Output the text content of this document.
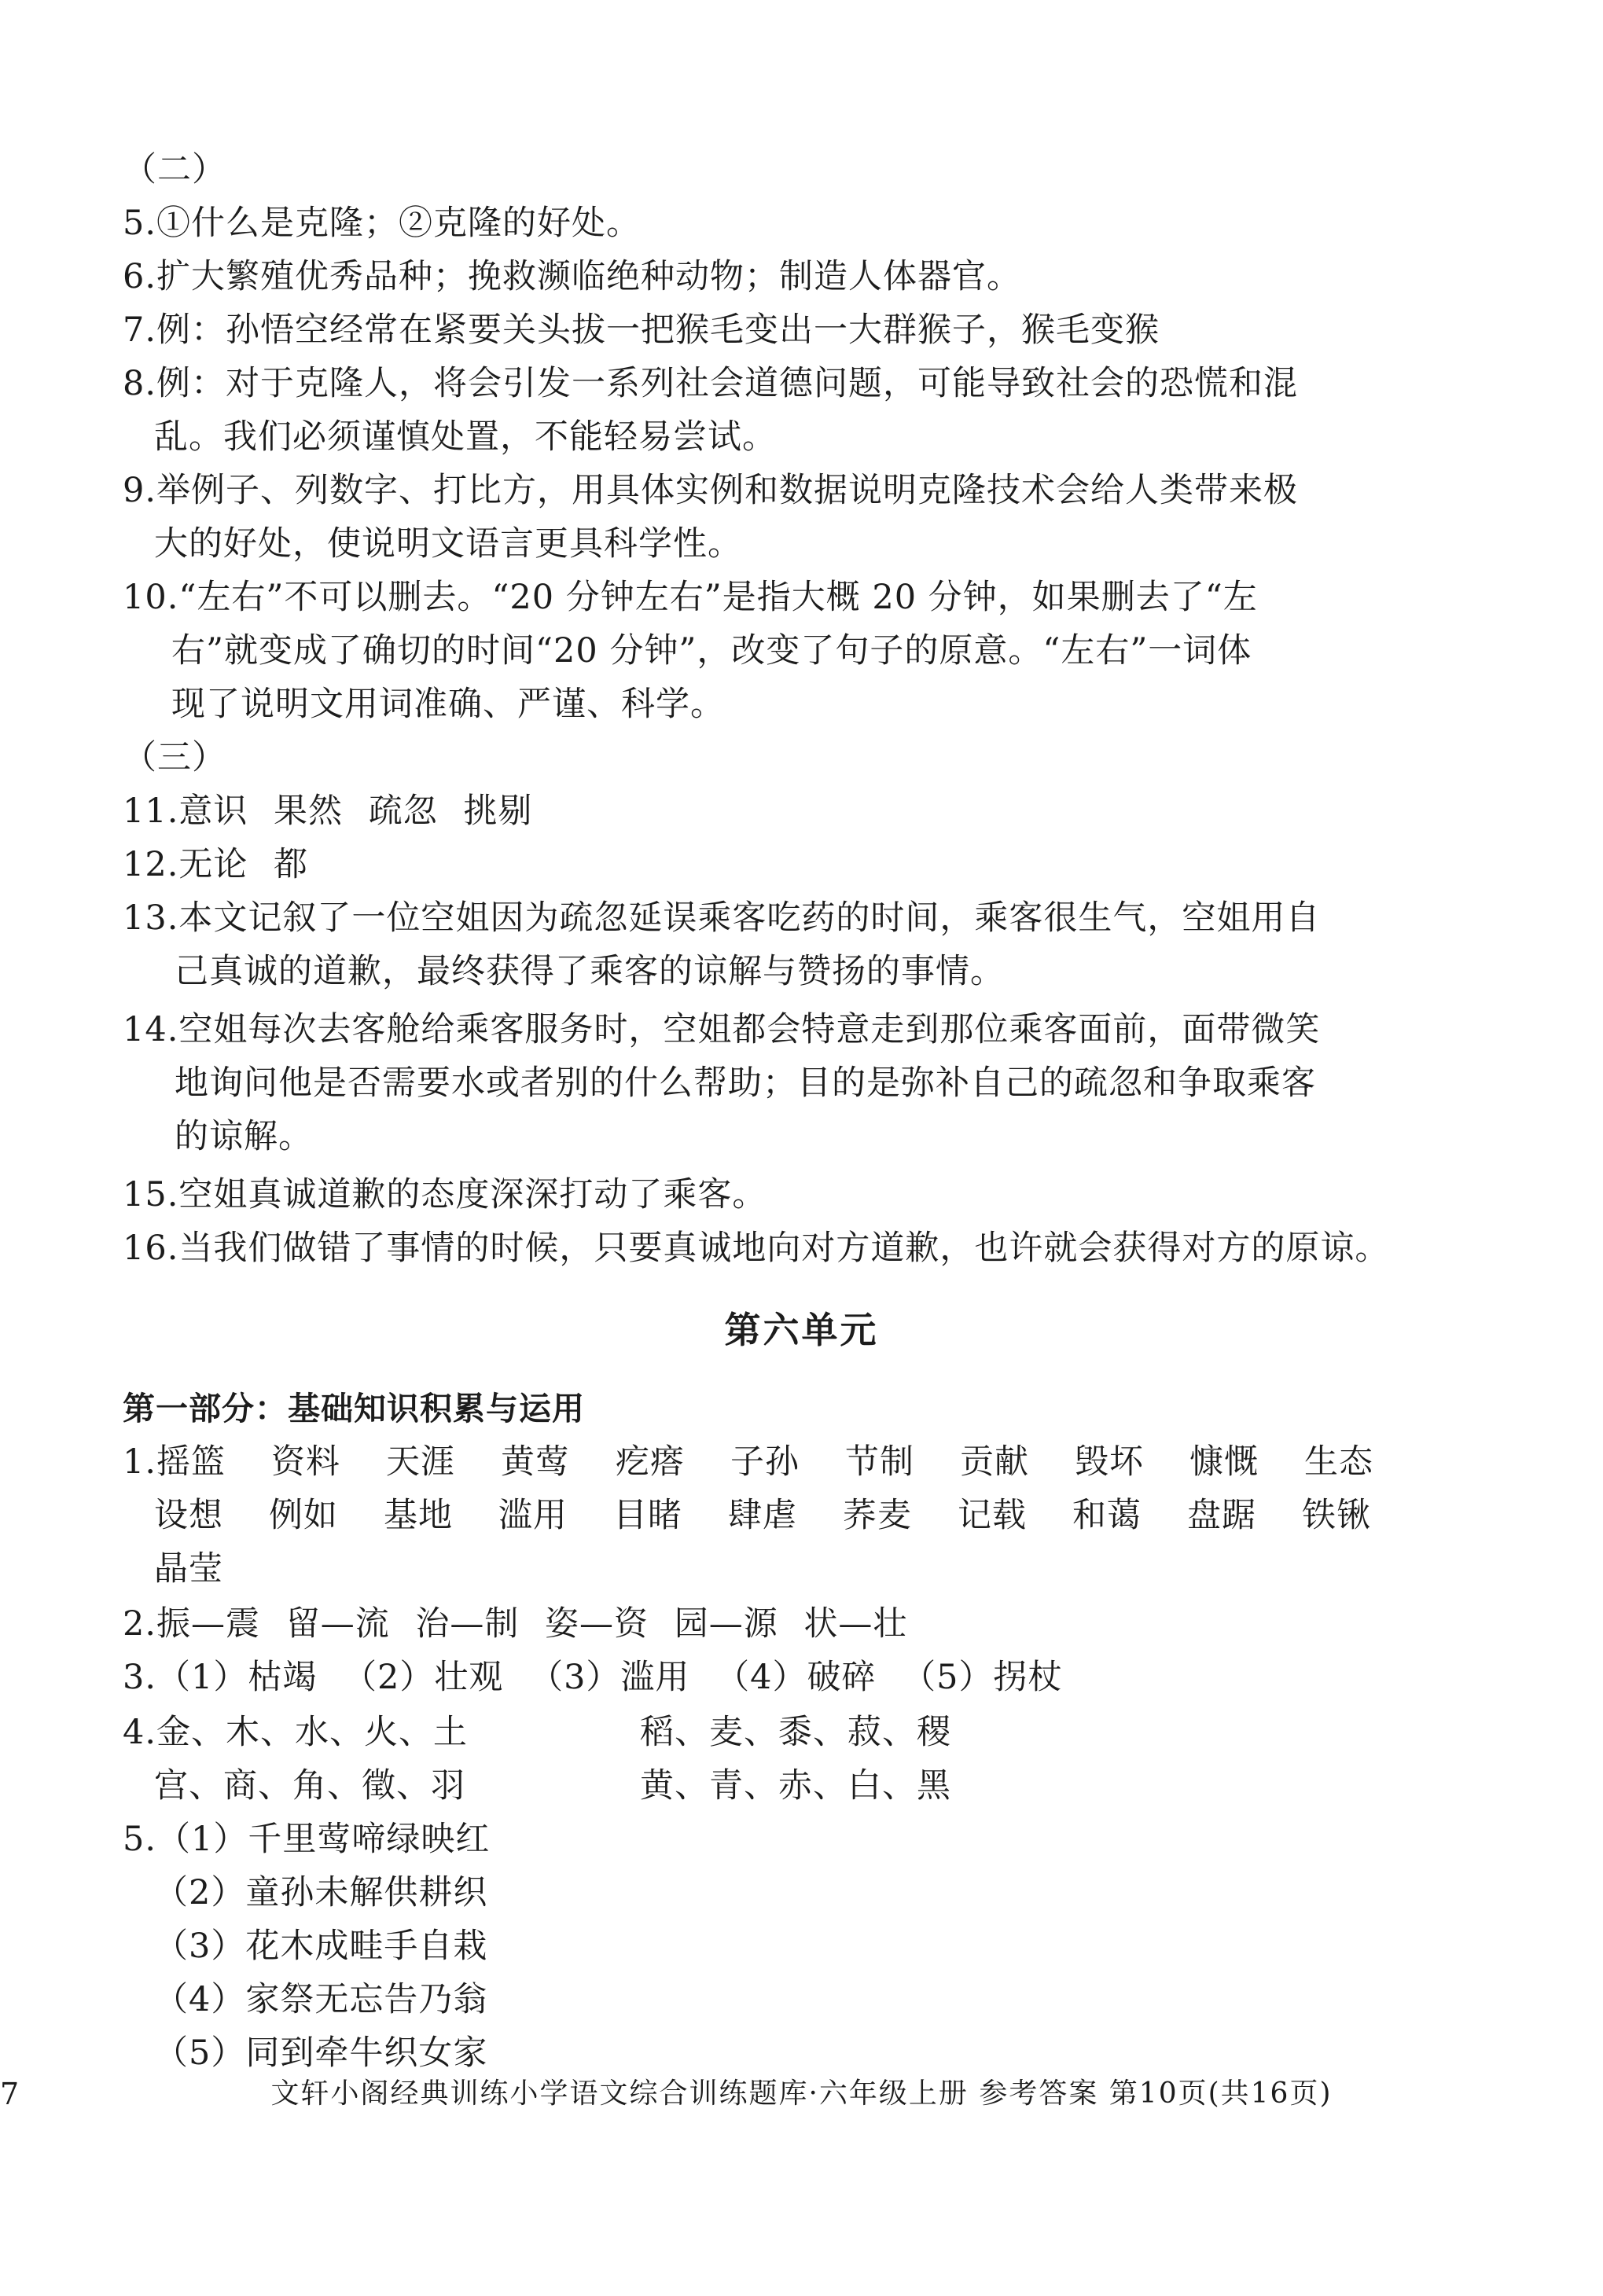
（二）
5.①什么是克隆；②克隆的好处。
6.扩大繁殖优秀品种；挽救濒临绝种动物；制造人体器官。
7.例：孙悟空经常在紧要关头拔一把猴毛变出一大群猴子，猴毛变猴
8.例：对于克隆人，将会引发一系列社会道德问题，可能导致社会的恐慌和混
乱。我们必须谨慎处置，不能轻易尝试。
9.举例子、列数字、打比方，用具体实例和数据说明克隆技术会给人类带来极
大的好处，使说明文语言更具科学性。
10.“左右”不可以删去。“20 分钟左右”是指大概 20 分钟，如果删去了“左
右”就变成了确切的时间“20 分钟”，改变了句子的原意。“左右”一词体
现了说明文用词准确、严谨、科学。
（三）
11.意识 果然 疏忽 挑剔
12.无论 都
13.本文记叙了一位空姐因为疏忽延误乘客吃药的时间，乘客很生气，空姐用自
己真诚的道歉，最终获得了乘客的谅解与赞扬的事情。
14.空姐每次去客舱给乘客服务时，空姐都会特意走到那位乘客面前，面带微笑
地询问他是否需要水或者别的什么帮助；目的是弥补自己的疏忽和争取乘客
的谅解。
15.空姐真诚道歉的态度深深打动了乘客。
16.当我们做错了事情的时候，只要真诚地向对方道歉，也许就会获得对方的原谅。
第六单元
第一部分：基础知识积累与运用
1.摇篮 资料 天涯 黄莺 疙瘩 子孙 节制 贡献 毁坏 慷慨 生态
设想 例如 基地 滥用 目睹 肆虐 荞麦 记载 和蔼 盘踞 铁锹
晶莹
2.振—震 留—流 治—制 姿—资 园—源 状—壮
3.（1）枯竭 （2）壮观 （3）滥用 （4）破碎 （5）拐杖
4.金、木、水、火、土	稻、麦、黍、菽、稷
宫、商、角、徵、羽	黄、青、赤、白、黑
5.（1）千里莺啼绿映红
（2）童孙未解供耕织
（3）花木成畦手自栽
（4）家祭无忘告乃翁
（5）同到牵牛织女家
7	文轩小阁经典训练小学语文综合训练题库·六年级上册 参考答案 第10页(共16页)
